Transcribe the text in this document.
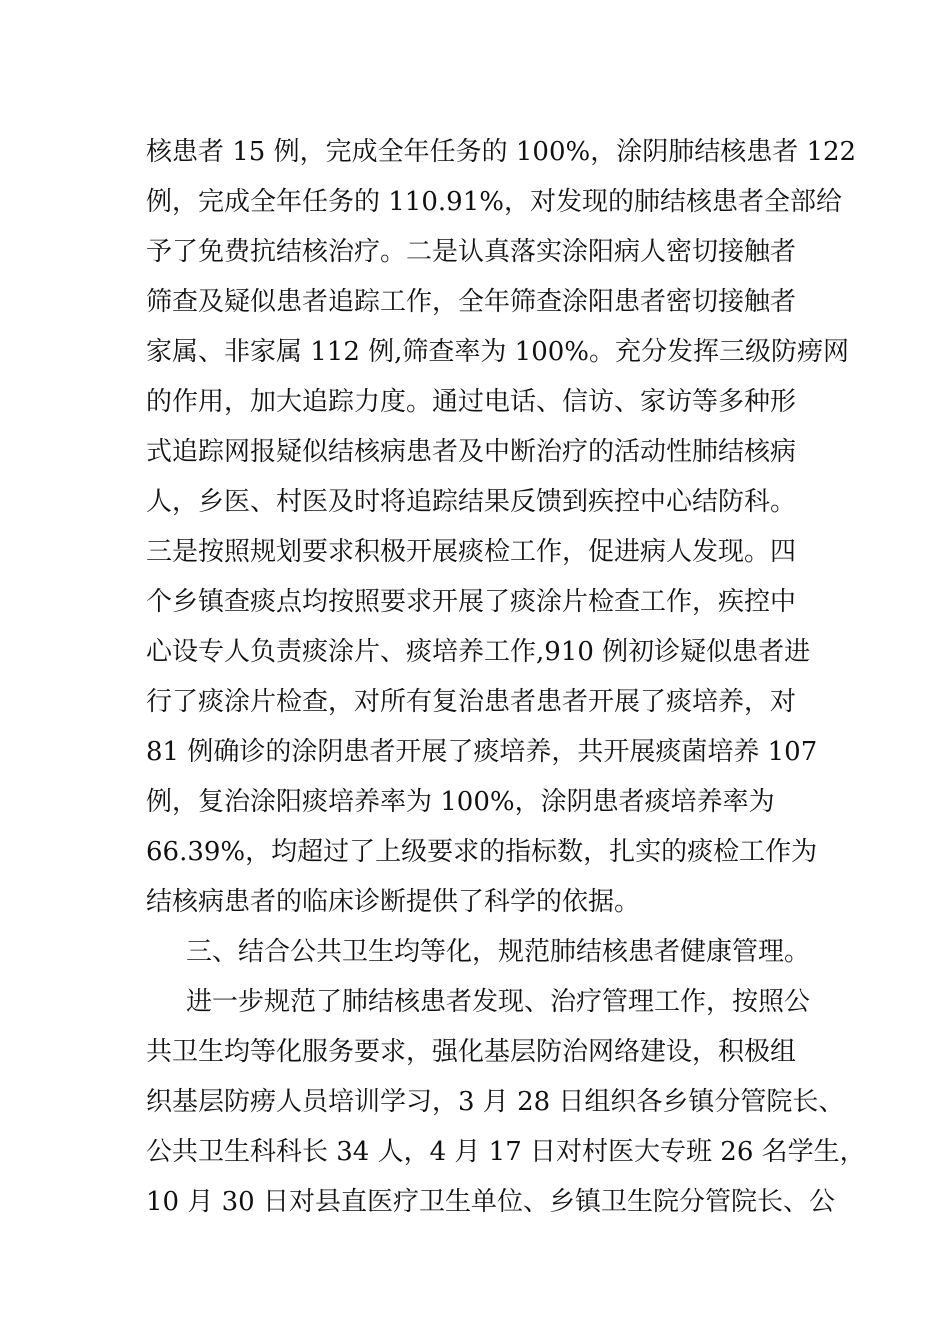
核患者 15 例，完成全年任务的 100%，涂阴肺结核患者 122
例，完成全年任务的 110.91%，对发现的肺结核患者全部给
予了免费抗结核治疗。二是认真落实涂阳病人密切接触者
筛查及疑似患者追踪工作，全年筛查涂阳患者密切接触者
家属、非家属 112 例,筛查率为 100%。充分发挥三级防痨网
的作用，加大追踪力度。通过电话、信访、家访等多种形
式追踪网报疑似结核病患者及中断治疗的活动性肺结核病
人，乡医、村医及时将追踪结果反馈到疾控中心结防科。
三是按照规划要求积极开展痰检工作，促进病人发现。四
个乡镇查痰点均按照要求开展了痰涂片检查工作，疾控中
心设专人负责痰涂片、痰培养工作,910 例初诊疑似患者进
行了痰涂片检查，对所有复治患者患者开展了痰培养，对
81 例确诊的涂阴患者开展了痰培养，共开展痰菌培养 107
例，复治涂阳痰培养率为 100%，涂阴患者痰培养率为
66.39%，均超过了上级要求的指标数，扎实的痰检工作为
结核病患者的临床诊断提供了科学的依据。
三、结合公共卫生均等化，规范肺结核患者健康管理。
进一步规范了肺结核患者发现、治疗管理工作，按照公
共卫生均等化服务要求，强化基层防治网络建设，积极组
织基层防痨人员培训学习，3 月 28 日组织各乡镇分管院长、
公共卫生科科长 34 人，4 月 17 日对村医大专班 26 名学生，
10 月 30 日对县直医疗卫生单位、乡镇卫生院分管院长、公
